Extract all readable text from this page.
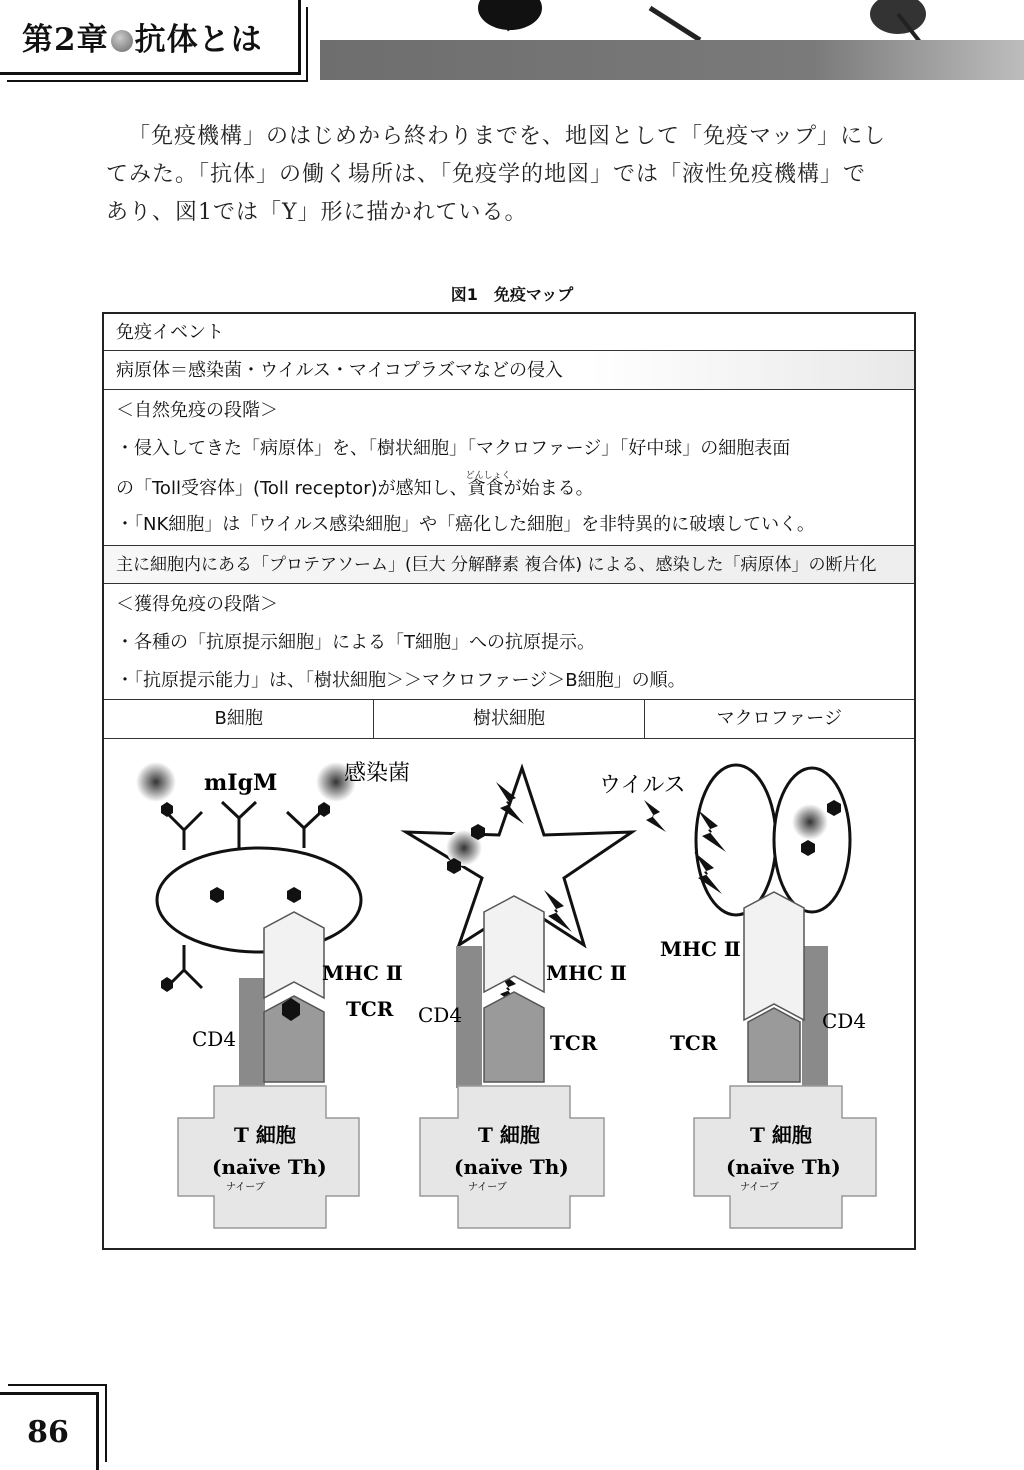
第2章 抗体とは

「免疫機構」のはじめから終わりまでを、地図として「免疫マップ」にし

てみた。「抗体」の働く場所は、「免疫学的地図」では「液性免疫機構」で

あり、図1では「Y」形に描かれている。

図1 免疫マップ
免疫イベント
病原体＝感染菌・ウイルス・マイコプラズマなどの侵入
＜自然免疫の段階＞
・侵入してきた「病原体」を、「樹状細胞」「マクロファージ」「好中球」の細胞表面
の「Toll受容体」(Toll receptor)が感知し、
どんしょく
貪食が始まる。
・「NK細胞」は「ウイルス感染細胞」や「癌化した細胞」を非特異的に破壊していく。
主に細胞内にある「プロテアソーム」(巨大 分解酵素 複合体) による、感染した「病原体」の断片化
＜獲得免疫の段階＞
・各種の「抗原提示細胞」による「T細胞」への抗原提示。
・「抗原提示能力」は、「樹状細胞＞＞マクロファージ＞B細胞」の順。
B細胞	樹状細胞	マクロファージ
mIgM	感染菌
MHC Ⅱ
TCR
CD4
T 細胞
(naïve Th)
ナイーブ
MHC Ⅱ
TCR
CD4
T 細胞
(naïve Th)
ナイーブ
ウイルス
MHC Ⅱ
TCR
CD4
T 細胞
(naïve Th)
ナイーブ
86
